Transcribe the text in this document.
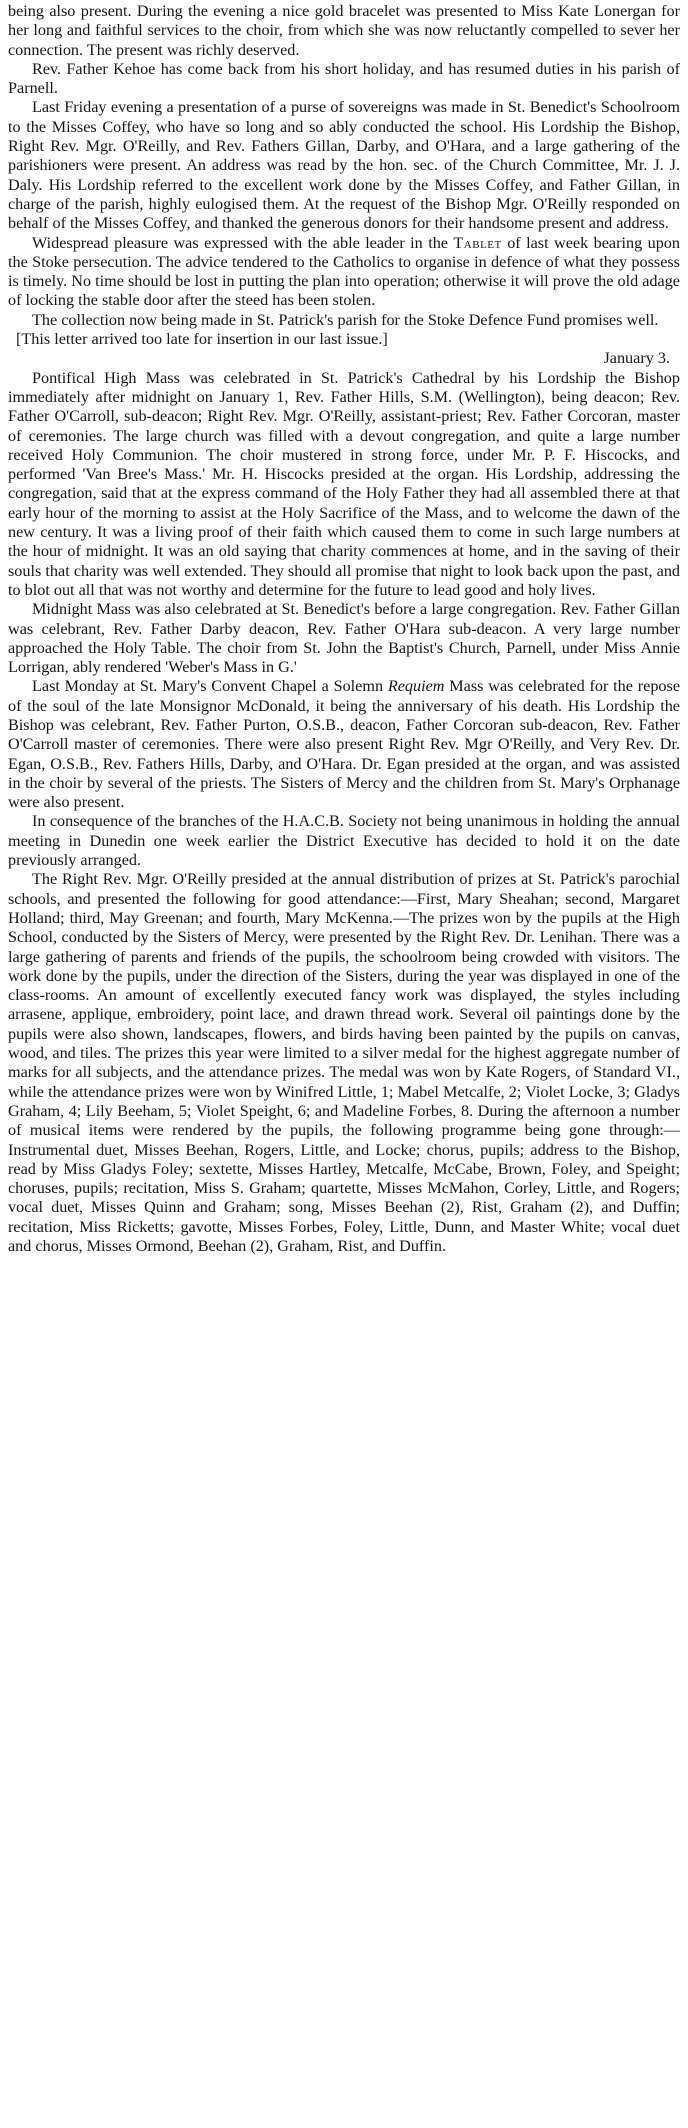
being also present. During the evening a nice gold bracelet was presented to Miss Kate Lonergan for her long and faithful services to the choir, from which she was now reluctantly compelled to sever her connection. The present was richly deserved.

Rev. Father Kehoe has come back from his short holiday, and has resumed duties in his parish of Parnell.

Last Friday evening a presentation of a purse of sovereigns was made in St. Benedict's Schoolroom to the Misses Coffey, who have so long and so ably conducted the school. His Lordship the Bishop, Right Rev. Mgr. O'Reilly, and Rev. Fathers Gillan, Darby, and O'Hara, and a large gathering of the parishioners were present. An address was read by the hon. sec. of the Church Committee, Mr. J. J. Daly. His Lordship referred to the excellent work done by the Misses Coffey, and Father Gillan, in charge of the parish, highly eulogised them. At the request of the Bishop Mgr. O'Reilly responded on behalf of the Misses Coffey, and thanked the generous donors for their handsome present and address.

Widespread pleasure was expressed with the able leader in the Tablet of last week bearing upon the Stoke persecution. The advice tendered to the Catholics to organise in defence of what they possess is timely. No time should be lost in putting the plan into operation; otherwise it will prove the old adage of locking the stable door after the steed has been stolen.

The collection now being made in St. Patrick's parish for the Stoke Defence Fund promises well.

[This letter arrived too late for insertion in our last issue.]

January 3.

Pontifical High Mass was celebrated in St. Patrick's Cathedral by his Lordship the Bishop immediately after midnight on January 1, Rev. Father Hills, S.M. (Wellington), being deacon; Rev. Father O'Carroll, sub-deacon; Right Rev. Mgr. O'Reilly, assistant-priest; Rev. Father Corcoran, master of ceremonies. The large church was filled with a devout congregation, and quite a large number received Holy Communion. The choir mustered in strong force, under Mr. P. F. Hiscocks, and performed 'Van Bree's Mass.' Mr. H. Hiscocks presided at the organ. His Lordship, addressing the congregation, said that at the express command of the Holy Father they had all assembled there at that early hour of the morning to assist at the Holy Sacrifice of the Mass, and to welcome the dawn of the new century. It was a living proof of their faith which caused them to come in such large numbers at the hour of midnight. It was an old saying that charity commences at home, and in the saving of their souls that charity was well extended. They should all promise that night to look back upon the past, and to blot out all that was not worthy and determine for the future to lead good and holy lives.

Midnight Mass was also celebrated at St. Benedict's before a large congregation. Rev. Father Gillan was celebrant, Rev. Father Darby deacon, Rev. Father O'Hara sub-deacon. A very large number approached the Holy Table. The choir from St. John the Baptist's Church, Parnell, under Miss Annie Lorrigan, ably rendered 'Weber's Mass in G.'

Last Monday at St. Mary's Convent Chapel a Solemn Requiem Mass was celebrated for the repose of the soul of the late Monsignor McDonald, it being the anniversary of his death. His Lordship the Bishop was celebrant, Rev. Father Purton, O.S.B., deacon, Father Corcoran sub-deacon, Rev. Father O'Carroll master of ceremonies. There were also present Right Rev. Mgr O'Reilly, and Very Rev. Dr. Egan, O.S.B., Rev. Fathers Hills, Darby, and O'Hara. Dr. Egan presided at the organ, and was assisted in the choir by several of the priests. The Sisters of Mercy and the children from St. Mary's Orphanage were also present.

In consequence of the branches of the H.A.C.B. Society not being unanimous in holding the annual meeting in Dunedin one week earlier the District Executive has decided to hold it on the date previously arranged.

The Right Rev. Mgr. O'Reilly presided at the annual distribution of prizes at St. Patrick's parochial schools, and presented the following for good attendance:—First, Mary Sheahan; second, Margaret Holland; third, May Greenan; and fourth, Mary McKenna.—The prizes won by the pupils at the High School, conducted by the Sisters of Mercy, were presented by the Right Rev. Dr. Lenihan. There was a large gathering of parents and friends of the pupils, the schoolroom being crowded with visitors. The work done by the pupils, under the direction of the Sisters, during the year was displayed in one of the class-rooms. An amount of excellently executed fancy work was displayed, the styles including arrasene, applique, embroidery, point lace, and drawn thread work. Several oil paintings done by the pupils were also shown, landscapes, flowers, and birds having been painted by the pupils on canvas, wood, and tiles. The prizes this year were limited to a silver medal for the highest aggregate number of marks for all subjects, and the attendance prizes. The medal was won by Kate Rogers, of Standard VI., while the attendance prizes were won by Winifred Little, 1; Mabel Metcalfe, 2; Violet Locke, 3; Gladys Graham, 4; Lily Beeham, 5; Violet Speight, 6; and Madeline Forbes, 8. During the afternoon a number of musical items were rendered by the pupils, the following programme being gone through:—Instrumental duet, Misses Beehan, Rogers, Little, and Locke; chorus, pupils; address to the Bishop, read by Miss Gladys Foley; sextette, Misses Hartley, Metcalfe, McCabe, Brown, Foley, and Speight; choruses, pupils; recitation, Miss S. Graham; quartette, Misses McMahon, Corley, Little, and Rogers; vocal duet, Misses Quinn and Graham; song, Misses Beehan (2), Rist, Graham (2), and Duffin; recitation, Miss Ricketts; gavotte, Misses Forbes, Foley, Little, Dunn, and Master White; vocal duet and chorus, Misses Ormond, Beehan (2), Graham, Rist, and Duffin.
